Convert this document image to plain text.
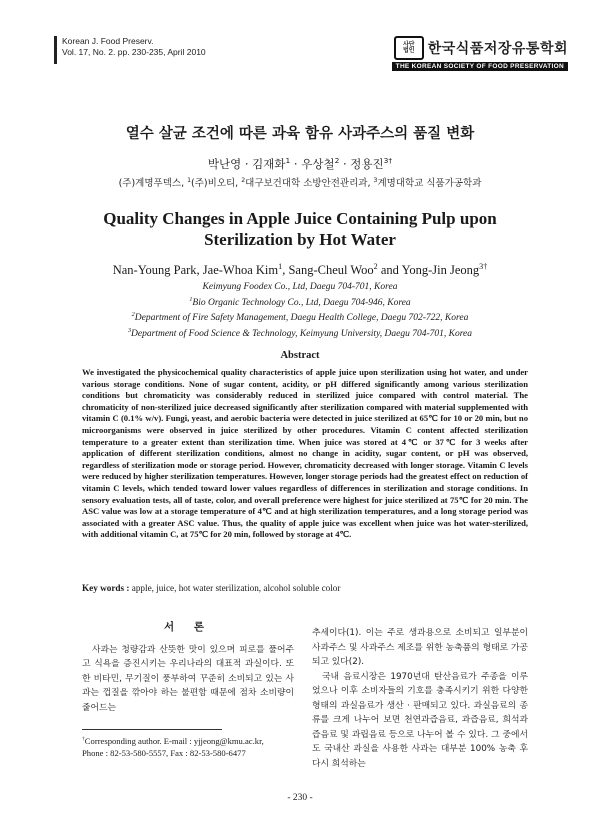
Korean J. Food Preserv.
Vol. 17, No. 2. pp. 230-235, April 2010
사단
법인 한국식품저장유통학회
THE KOREAN SOCIETY OF FOOD PRESERVATION
열수 살균 조건에 따른 과육 함유 사과주스의 품질 변화
박난영 · 김재화$^1$ · 우상철$^2$ · 정용진$^{3\dagger}$
(주)계명푸덱스, $^1$(주)비오티, $^2$대구보건대학 소방안전관리과, $^3$계명대학교 식품가공학과
Quality Changes in Apple Juice Containing Pulp upon Sterilization by Hot Water
Nan-Young Park, Jae-Whoa Kim$^1$, Sang-Cheul Woo$^2$ and Yong-Jin Jeong$^{3\dagger}$
Keimyung Foodex Co., Ltd, Daegu 704-701, Korea
$^1$Bio Organic Technology Co., Ltd, Daegu 704-946, Korea
$^2$Department of Fire Safety Management, Daegu Health College, Daegu 702-722, Korea
$^3$Department of Food Science & Technology, Keimyung University, Daegu 704-701, Korea
Abstract
We investigated the physicochemical quality characteristics of apple juice upon sterilization using hot water, and under various storage conditions. None of sugar content, acidity, or pH differed significantly among various sterilization conditions but chromaticity was considerably reduced in sterilized juice compared with control material. The chromaticity of non-sterilized juice decreased significantly after sterilization compared with material supplemented with vitamin C (0.1% w/v). Fungi, yeast, and aerobic bacteria were detected in juice sterilized at 65℃ for 10 or 20 min, but no microorganisms were observed in juice sterilized by other procedures. Vitamin C content affected sterilization temperature to a greater extent than sterilization time. When juice was stored at 4℃ or 37℃ for 3 weeks after application of different sterilization conditions, almost no change in acidity, sugar content, or pH was observed, regardless of sterilization mode or storage period. However, chromaticity decreased with longer storage. Vitamin C levels were reduced by higher sterilization temperatures. However, longer storage periods had the greatest effect on reduction of vitamin C levels, which tended toward lower values regardless of differences in sterilization and storage conditions. In sensory evaluation tests, all of taste, color, and overall preference were highest for juice sterilized at 75℃ for 20 min. The ASC value was low at a storage temperature of 4℃ and at high sterilization temperatures, and a long storage period was associated with a greater ASC value. Thus, the quality of apple juice was excellent when juice was hot water-sterilized, with additional vitamin C, at 75℃ for 20 min, followed by storage at 4℃.
Key words : apple, juice, hot water sterilization, alcohol soluble color
서 론

사과는 청량감과 산뜻한 맛이 있으며 피로를 풀어주고 식욕을 증진시키는 우리나라의 대표적 과실이다. 또한 비타민, 무기질이 풍부하여 꾸준히 소비되고 있는 사과는 껍질을 깎아야 하는 불편함 때문에 점차 소비량이 줄어드는

추세이다(1). 이는 주로 생과용으로 소비되고 일부분이 사과주스 및 사과주스 제조를 위한 농축품의 형태로 가공되고 있다(2).

국내 음료시장은 1970년대 탄산음료가 주종을 이루었으나 이후 소비자들의 기호를 충족시키기 위한 다양한 형태의 과실음료가 생산 · 판매되고 있다. 과실음료의 종류를 크게 나누어 보면 천연과즙음료, 과즙음료, 희석과즙음료 및 과립음료 등으로 나누어 볼 수 있다. 그 중에서도 국내산 과실을 사용한 사과는 대부분 100% 농축 후 다시 희석하는

†Corresponding author. E-mail : yjjeong@kmu.ac.kr,
Phone : 82-53-580-5557, Fax : 82-53-580-6477
- 230 -
